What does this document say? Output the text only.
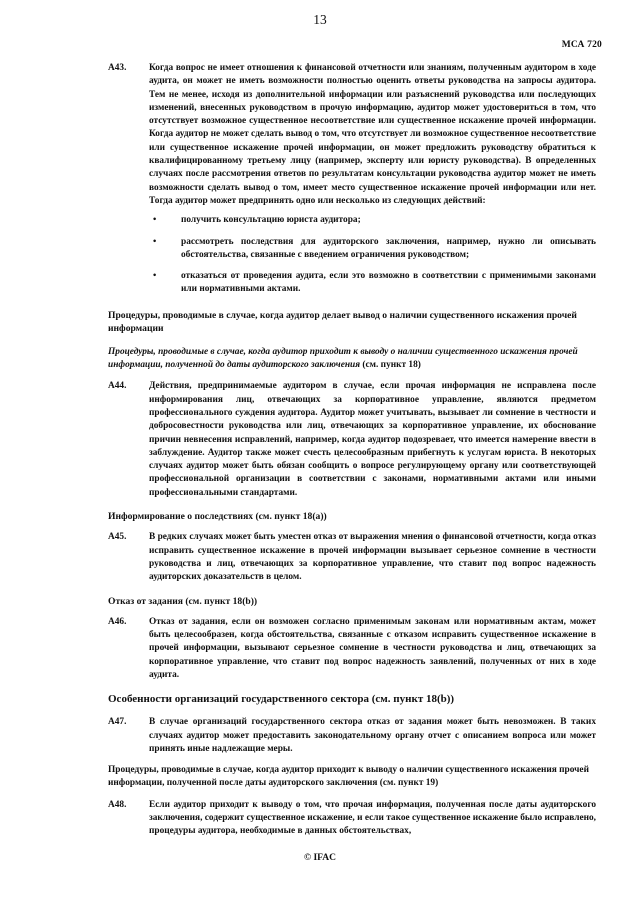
13
МСА 720
A43. Когда вопрос не имеет отношения к финансовой отчетности или знаниям, полученным аудитором в ходе аудита, он может не иметь возможности полностью оценить ответы руководства на запросы аудитора. Тем не менее, исходя из дополнительной информации или разъяснений руководства или последующих изменений, внесенных руководством в прочую информацию, аудитор может удостовериться в том, что отсутствует возможное существенное несоответствие или существенное искажение прочей информации. Когда аудитор не может сделать вывод о том, что отсутствует ли возможное существенное несоответствие или существенное искажение прочей информации, он может предложить руководству обратиться к квалифицированному третьему лицу (например, эксперту или юристу руководства). В определенных случаях после рассмотрения ответов по результатам консультации руководства аудитор может не иметь возможности сделать вывод о том, имеет место существенное искажение прочей информации или нет. Тогда аудитор может предпринять одно или несколько из следующих действий:

•	получить консультацию юриста аудитора;
•	рассмотреть последствия для аудиторского заключения, например, нужно ли описывать обстоятельства, связанные с введением ограничения руководством;
•	отказаться от проведения аудита, если это возможно в соответствии с применимыми законами или нормативными актами.

Процедуры, проводимые в случае, когда аудитор делает вывод о наличии существенного искажения прочей информации

Процедуры, проводимые в случае, когда аудитор приходит к выводу о наличии существенного искажения прочей информации, полученной до даты аудиторского заключения (см. пункт 18)

A44. Действия, предпринимаемые аудитором в случае, если прочая информация не исправлена после информирования лиц, отвечающих за корпоративное управление, являются предметом профессионального суждения аудитора. Аудитор может учитывать, вызывает ли сомнение в честности и добросовестности руководства или лиц, отвечающих за корпоративное управление, их обоснование причин невнесения исправлений, например, когда аудитор подозревает, что имеется намерение ввести в заблуждение. Аудитор также может счесть целесообразным прибегнуть к услугам юриста. В некоторых случаях аудитор может быть обязан сообщить о вопросе регулирующему органу или соответствующей профессиональной организации в соответствии с законами, нормативными актами или иными профессиональными стандартами.

Информирование о последствиях (см. пункт 18(a))

A45. В редких случаях может быть уместен отказ от выражения мнения о финансовой отчетности, когда отказ исправить существенное искажение в прочей информации вызывает серьезное сомнение в честности руководства и лиц, отвечающих за корпоративное управление, что ставит под вопрос надежность аудиторских доказательств в целом.

Отказ от задания (см. пункт 18(b))

A46. Отказ от задания, если он возможен согласно применимым законам или нормативным актам, может быть целесообразен, когда обстоятельства, связанные с отказом исправить существенное искажение в прочей информации, вызывают серьезное сомнение в честности руководства и лиц, отвечающих за корпоративное управление, что ставит под вопрос надежность заявлений, полученных от них в ходе аудита.

Особенности организаций государственного сектора (см. пункт 18(b))

A47. В случае организаций государственного сектора отказ от задания может быть невозможен. В таких случаях аудитор может предоставить законодательному органу отчет с описанием вопроса или может принять иные надлежащие меры.

Процедуры, проводимые в случае, когда аудитор приходит к выводу о наличии существенного искажения прочей информации, полученной после даты аудиторского заключения (см. пункт 19)

A48. Если аудитор приходит к выводу о том, что прочая информация, полученная после даты аудиторского заключения, содержит существенное искажение, и если такое существенное искажение было исправлено, процедуры аудитора, необходимые в данных обстоятельствах,

© IFAC
